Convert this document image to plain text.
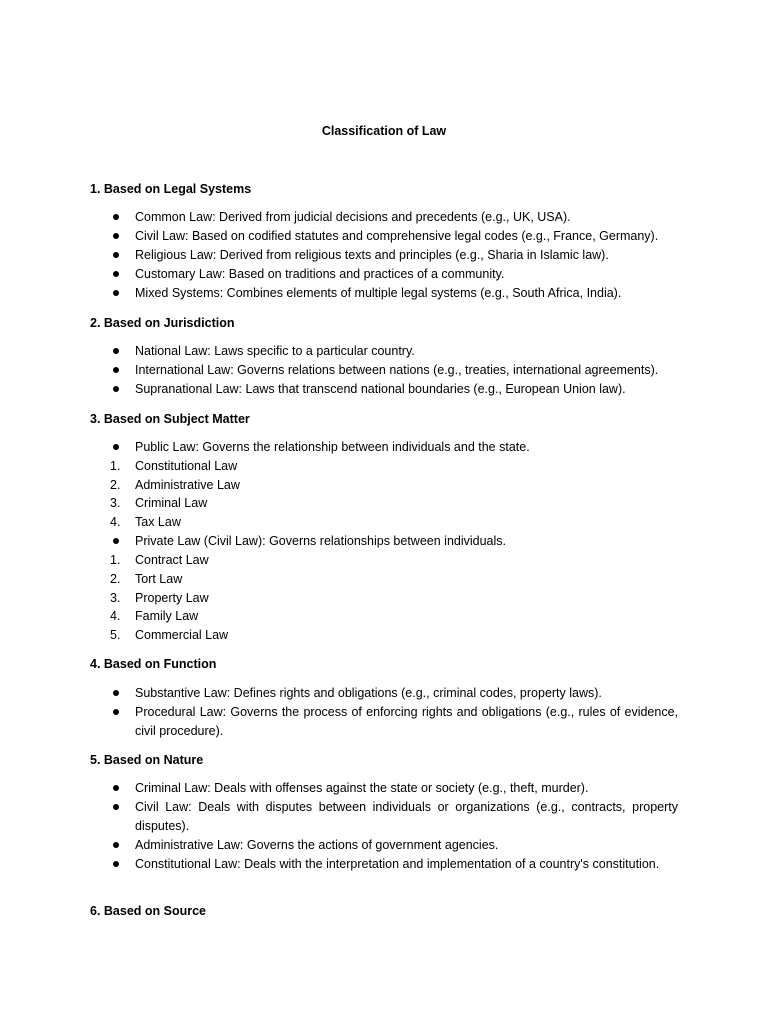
Classification of Law
1. Based on Legal Systems
Common Law: Derived from judicial decisions and precedents (e.g., UK, USA).
Civil Law: Based on codified statutes and comprehensive legal codes (e.g., France, Germany).
Religious Law: Derived from religious texts and principles (e.g., Sharia in Islamic law).
Customary Law: Based on traditions and practices of a community.
Mixed Systems: Combines elements of multiple legal systems (e.g., South Africa, India).
2. Based on Jurisdiction
National Law: Laws specific to a particular country.
International Law: Governs relations between nations (e.g., treaties, international agreements).
Supranational Law: Laws that transcend national boundaries (e.g., European Union law).
3. Based on Subject Matter
Public Law: Governs the relationship between individuals and the state.
1.	Constitutional Law
2.	Administrative Law
3.	Criminal Law
4.	Tax Law
Private Law (Civil Law): Governs relationships between individuals.
1.	Contract Law
2.	Tort Law
3.	Property Law
4.	Family Law
5.	Commercial Law
4. Based on Function
Substantive Law: Defines rights and obligations (e.g., criminal codes, property laws).
Procedural Law: Governs the process of enforcing rights and obligations (e.g., rules of evidence, civil procedure).
5. Based on Nature
Criminal Law: Deals with offenses against the state or society (e.g., theft, murder).
Civil Law: Deals with disputes between individuals or organizations (e.g., contracts, property disputes).
Administrative Law: Governs the actions of government agencies.
Constitutional Law: Deals with the interpretation and implementation of a country's constitution.
6. Based on Source
